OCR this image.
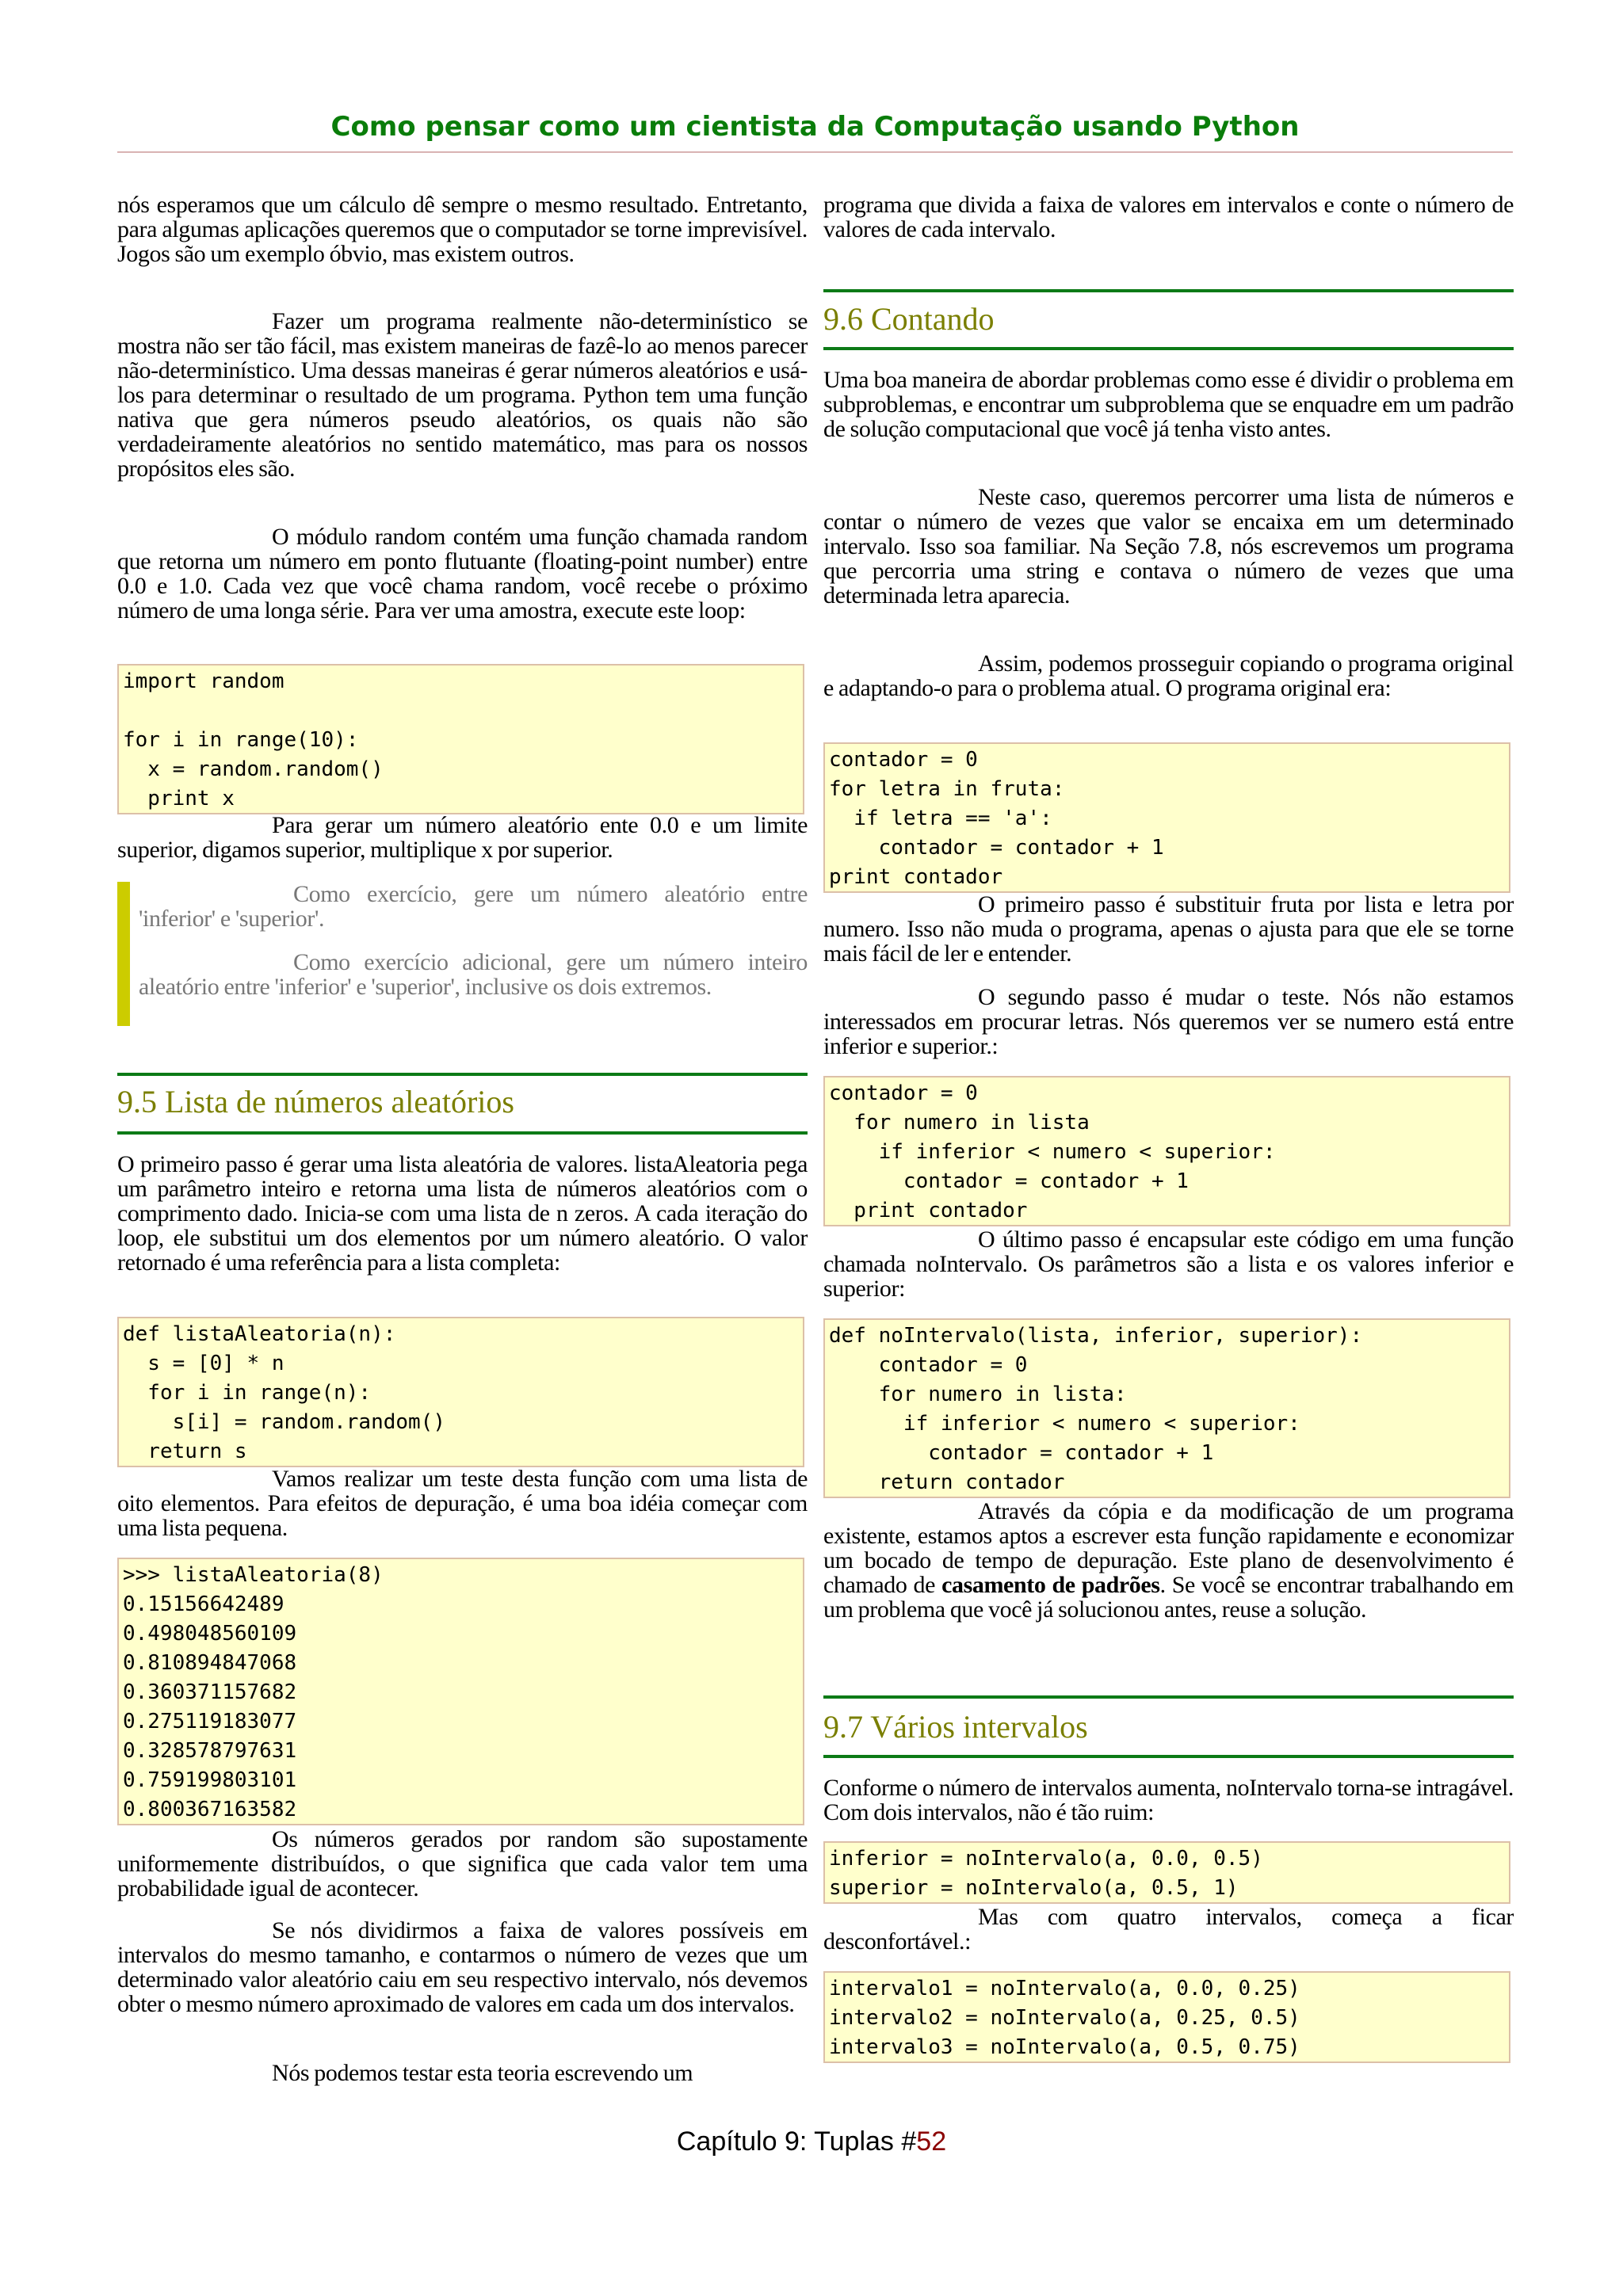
Como pensar como um cientista da Computação usando Python
nós esperamos que um cálculo dê sempre o mesmo resultado. Entretanto, para algumas aplicações queremos que o computador se torne imprevisível. Jogos são um exemplo óbvio, mas existem outros.
Fazer um programa realmente não-determinístico se mostra não ser tão fácil, mas existem maneiras de fazê-lo ao menos parecer não-determinístico. Uma dessas maneiras é gerar números aleatórios e usá-los para determinar o resultado de um programa. Python tem uma função nativa que gera números pseudo aleatórios, os quais não são verdadeiramente aleatórios no sentido matemático, mas para os nossos propósitos eles são.
O módulo random contém uma função chamada random que retorna um número em ponto flutuante (floating-point number) entre 0.0 e 1.0. Cada vez que você chama random, você recebe o próximo número de uma longa série. Para ver uma amostra, execute este loop:
import random
for i in range(10):
x = random.random()
print x
Para gerar um número aleatório ente 0.0 e um limite superior, digamos superior, multiplique x por superior.
Como exercício, gere um número aleatório entre 'inferior' e 'superior'.
Como exercício adicional, gere um número inteiro aleatório entre 'inferior' e 'superior', inclusive os dois extremos.
9.5 Lista de números aleatórios
O primeiro passo é gerar uma lista aleatória de valores. listaAleatoria pega um parâmetro inteiro e retorna uma lista de números aleatórios com o comprimento dado. Inicia-se com uma lista de n zeros. A cada iteração do loop, ele substitui um dos elementos por um número aleatório. O valor retornado é uma referência para a lista completa:
def listaAleatoria(n):
s = [0] * n
for i in range(n):
s[i] = random.random()
return s
Vamos realizar um teste desta função com uma lista de oito elementos. Para efeitos de depuração, é uma boa idéia começar com uma lista pequena.
>>> listaAleatoria(8)
0.15156642489
0.498048560109
0.810894847068
0.360371157682
0.275119183077
0.328578797631
0.759199803101
0.800367163582
Os números gerados por random são supostamente uniformemente distribuídos, o que significa que cada valor tem uma probabilidade igual de acontecer.
Se nós dividirmos a faixa de valores possíveis em intervalos do mesmo tamanho, e contarmos o número de vezes que um determinado valor aleatório caiu em seu respectivo intervalo, nós devemos obter o mesmo número aproximado de valores em cada um dos intervalos.
Nós podemos testar esta teoria escrevendo um
programa que divida a faixa de valores em intervalos e conte o número de valores de cada intervalo.
9.6 Contando
Uma boa maneira de abordar problemas como esse é dividir o problema em subproblemas, e encontrar um subproblema que se enquadre em um padrão de solução computacional que você já tenha visto antes.
Neste caso, queremos percorrer uma lista de números e contar o número de vezes que valor se encaixa em um determinado intervalo. Isso soa familiar. Na Seção 7.8, nós escrevemos um programa que percorria uma string e contava o número de vezes que uma determinada letra aparecia.
Assim, podemos prosseguir copiando o programa original e adaptando-o para o problema atual. O programa original era:
contador = 0
for letra in fruta:
if letra == 'a':
contador = contador + 1
print contador
O primeiro passo é substituir fruta por lista e letra por numero. Isso não muda o programa, apenas o ajusta para que ele se torne mais fácil de ler e entender.
O segundo passo é mudar o teste. Nós não estamos interessados em procurar letras. Nós queremos ver se numero está entre inferior e superior.:
contador = 0
for numero in lista
if inferior < numero < superior:
contador = contador + 1
print contador
O último passo é encapsular este código em uma função chamada noIntervalo. Os parâmetros são a lista e os valores inferior e superior:
def noIntervalo(lista, inferior, superior):
contador = 0
for numero in lista:
if inferior < numero < superior:
contador = contador + 1
return contador
Através da cópia e da modificação de um programa existente, estamos aptos a escrever esta função rapidamente e economizar um bocado de tempo de depuração. Este plano de desenvolvimento é chamado de casamento de padrões. Se você se encontrar trabalhando em um problema que você já solucionou antes, reuse a solução.
9.7 Vários intervalos
Conforme o número de intervalos aumenta, noIntervalo torna-se intragável. Com dois intervalos, não é tão ruim:
inferior = noIntervalo(a, 0.0, 0.5)
superior = noIntervalo(a, 0.5, 1)
Mas com quatro intervalos, começa a ficar desconfortável.:
intervalo1 = noIntervalo(a, 0.0, 0.25)
intervalo2 = noIntervalo(a, 0.25, 0.5)
intervalo3 = noIntervalo(a, 0.5, 0.75)
Capítulo 9: Tuplas #52
